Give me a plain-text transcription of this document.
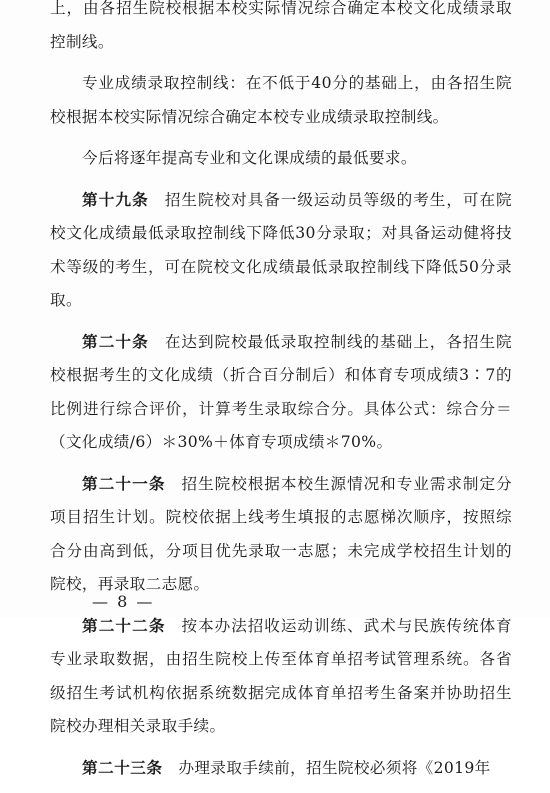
上，由各招生院校根据本校实际情况综合确定本校文化成绩录取控制线。

专业成绩录取控制线：在不低于40分的基础上，由各招生院校根据本校实际情况综合确定本校专业成绩录取控制线。

今后将逐年提高专业和文化课成绩的最低要求。

第十九条 招生院校对具备一级运动员等级的考生，可在院校文化成绩最低录取控制线下降低30分录取；对具备运动健将技术等级的考生，可在院校文化成绩最低录取控制线下降低50分录取。

第二十条 在达到院校最低录取控制线的基础上，各招生院校根据考生的文化成绩（折合百分制后）和体育专项成绩3∶7的比例进行综合评价，计算考生录取综合分。具体公式：综合分＝（文化成绩/6）＊30%＋体育专项成绩＊70%。

第二十一条 招生院校根据本校生源情况和专业需求制定分项目招生计划。院校依据上线考生填报的志愿梯次顺序，按照综合分由高到低，分项目优先录取一志愿；未完成学校招生计划的院校，再录取二志愿。

第二十二条 按本办法招收运动训练、武术与民族传统体育专业录取数据，由招生院校上传至体育单招考试管理系统。各省级招生考试机构依据系统数据完成体育单招考生备案并协助招生院校办理相关录取手续。

第二十三条 办理录取手续前，招生院校必须将《2019年

— 8 —
